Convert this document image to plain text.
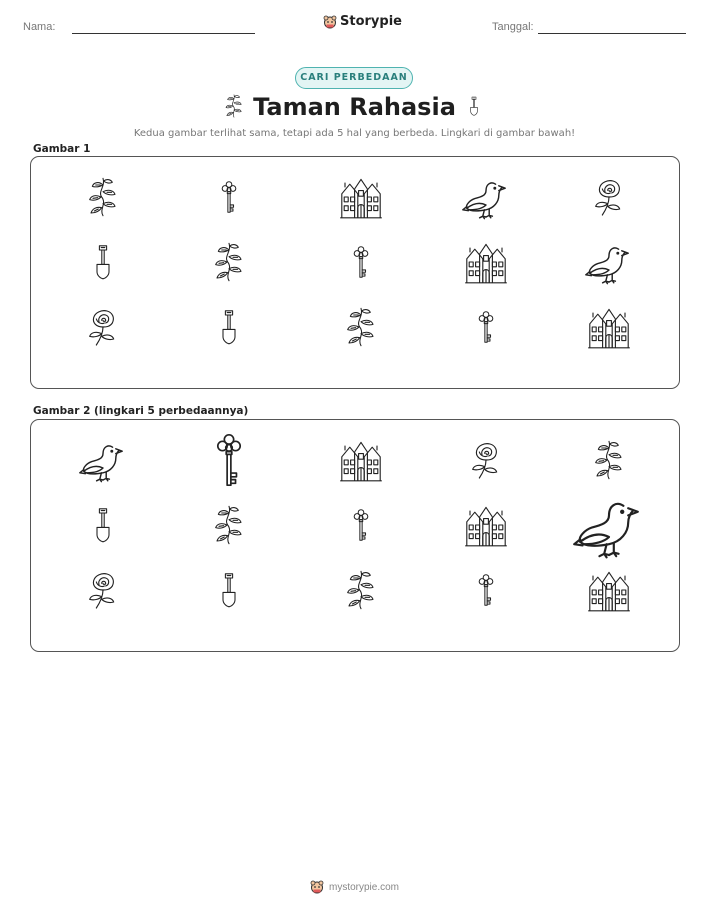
Nama:	Storypie	Tanggal:
CARI PERBEDAAN
Taman Rahasia
Kedua gambar terlihat sama, tetapi ada 5 hal yang berbeda. Lingkari di gambar bawah!
Gambar 1
Gambar 2 (lingkari 5 perbedaannya)
mystorypie.com
